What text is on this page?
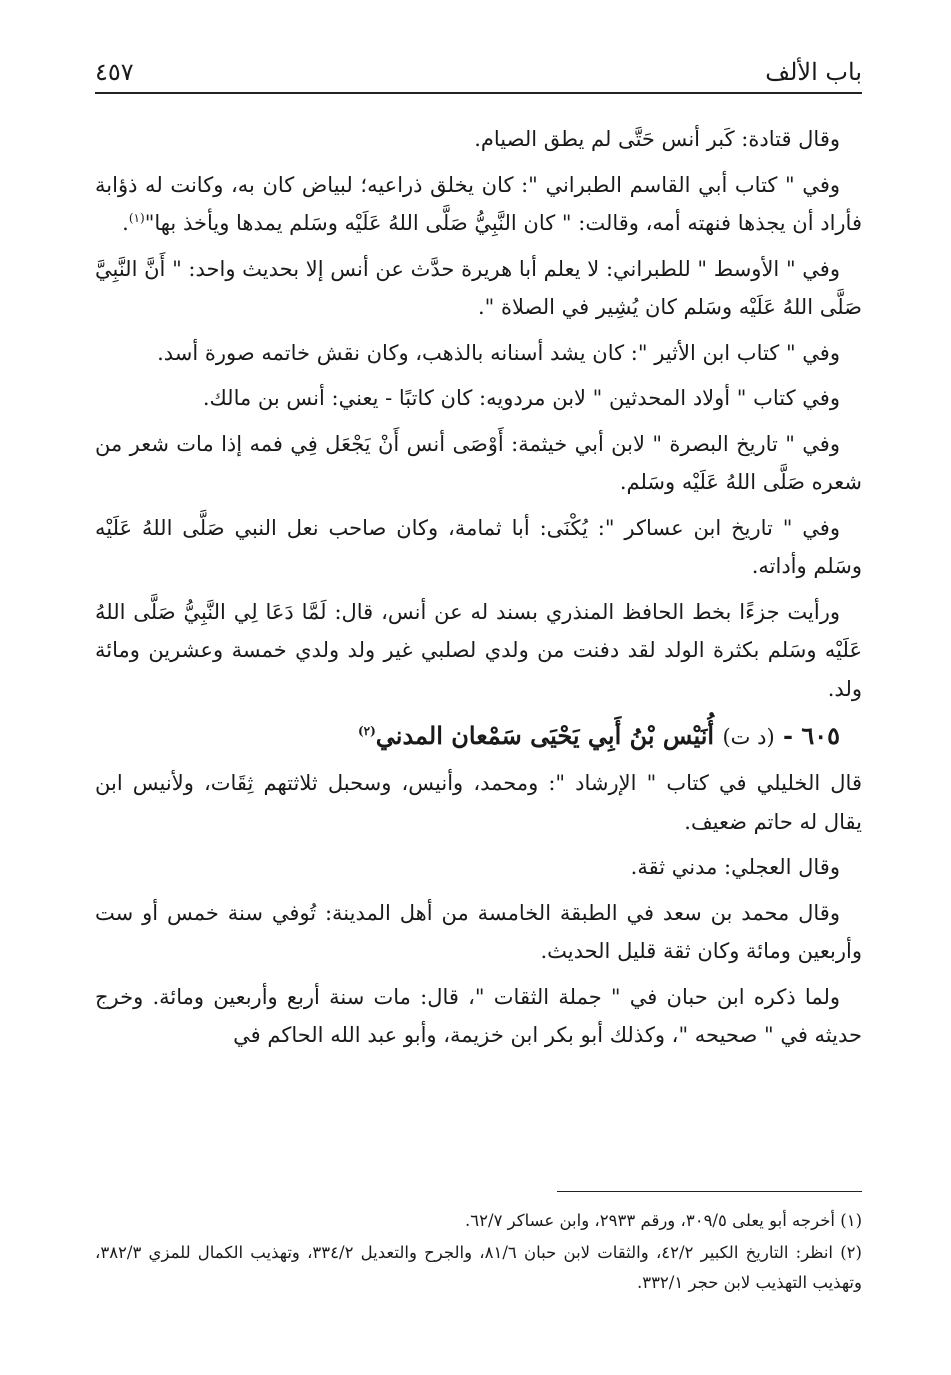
باب الألف
٤٥٧

وقال قتادة: كَبر أنس حَتَّى لم يطق الصيام.

وفي " كتاب أبي القاسم الطبراني ": كان يخلق ذراعيه؛ لبياض كان به، وكانت له ذؤابة فأراد أن يجذها فنهته أمه، وقالت: " كان النَّبِيُّ صَلَّى اللهُ عَلَيْه وسَلم يمدها ويأخذ بها"$^{(١)}$.

وفي " الأوسط " للطبراني: لا يعلم أبا هريرة حدَّث عن أنس إلا بحديث واحد: " أَنَّ النَّبِيَّ صَلَّى اللهُ عَلَيْه وسَلم كان يُشِير في الصلاة ".

وفي " كتاب ابن الأثير ": كان يشد أسنانه بالذهب، وكان نقش خاتمه صورة أسد.

وفي كتاب " أولاد المحدثين " لابن مردويه: كان كاتبًا - يعني: أنس بن مالك.

وفي " تاريخ البصرة " لابن أبي خيثمة: أَوْصَى أنس أَنْ يَجْعَل فِي فمه إذا مات شعر من شعره صَلَّى اللهُ عَلَيْه وسَلم.

وفي " تاريخ ابن عساكر ": يُكْنَى: أبا ثمامة، وكان صاحب نعل النبي صَلَّى اللهُ عَلَيْه وسَلم وأداته.

ورأيت جزءًا بخط الحافظ المنذري بسند له عن أنس، قال: لَمَّا دَعَا لِي النَّبِيُّ صَلَّى اللهُ عَلَيْه وسَلم بكثرة الولد لقد دفنت من ولدي لصلبي غير ولد ولدي خمسة وعشرين ومائة ولد.

٦٠٥ - (د ت) أُنَيْس بْنُ أَبِي يَحْيَى سَمْعان المدني$^{(٢)}$

قال الخليلي في كتاب " الإرشاد ": ومحمد، وأنيس، وسحبل ثلاثتهم ثِقَات، ولأنيس ابن يقال له حاتم ضعيف.

وقال العجلي: مدني ثقة.

وقال محمد بن سعد في الطبقة الخامسة من أهل المدينة: تُوفي سنة خمس أو ست وأربعين ومائة وكان ثقة قليل الحديث.

ولما ذكره ابن حبان في " جملة الثقات "، قال: مات سنة أربع وأربعين ومائة. وخرج حديثه في " صحيحه "، وكذلك أبو بكر ابن خزيمة، وأبو عبد الله الحاكم في

(١) أخرجه أبو يعلى ٣٠٩/٥، ورقم ٢٩٣٣، وابن عساكر ٦٢/٧.

(٢) انظر: التاريخ الكبير ٤٢/٢، والثقات لابن حبان ٨١/٦، والجرح والتعديل ٣٣٤/٢، وتهذيب الكمال للمزي ٣٨٢/٣، وتهذيب التهذيب لابن حجر ٣٣٢/١.
